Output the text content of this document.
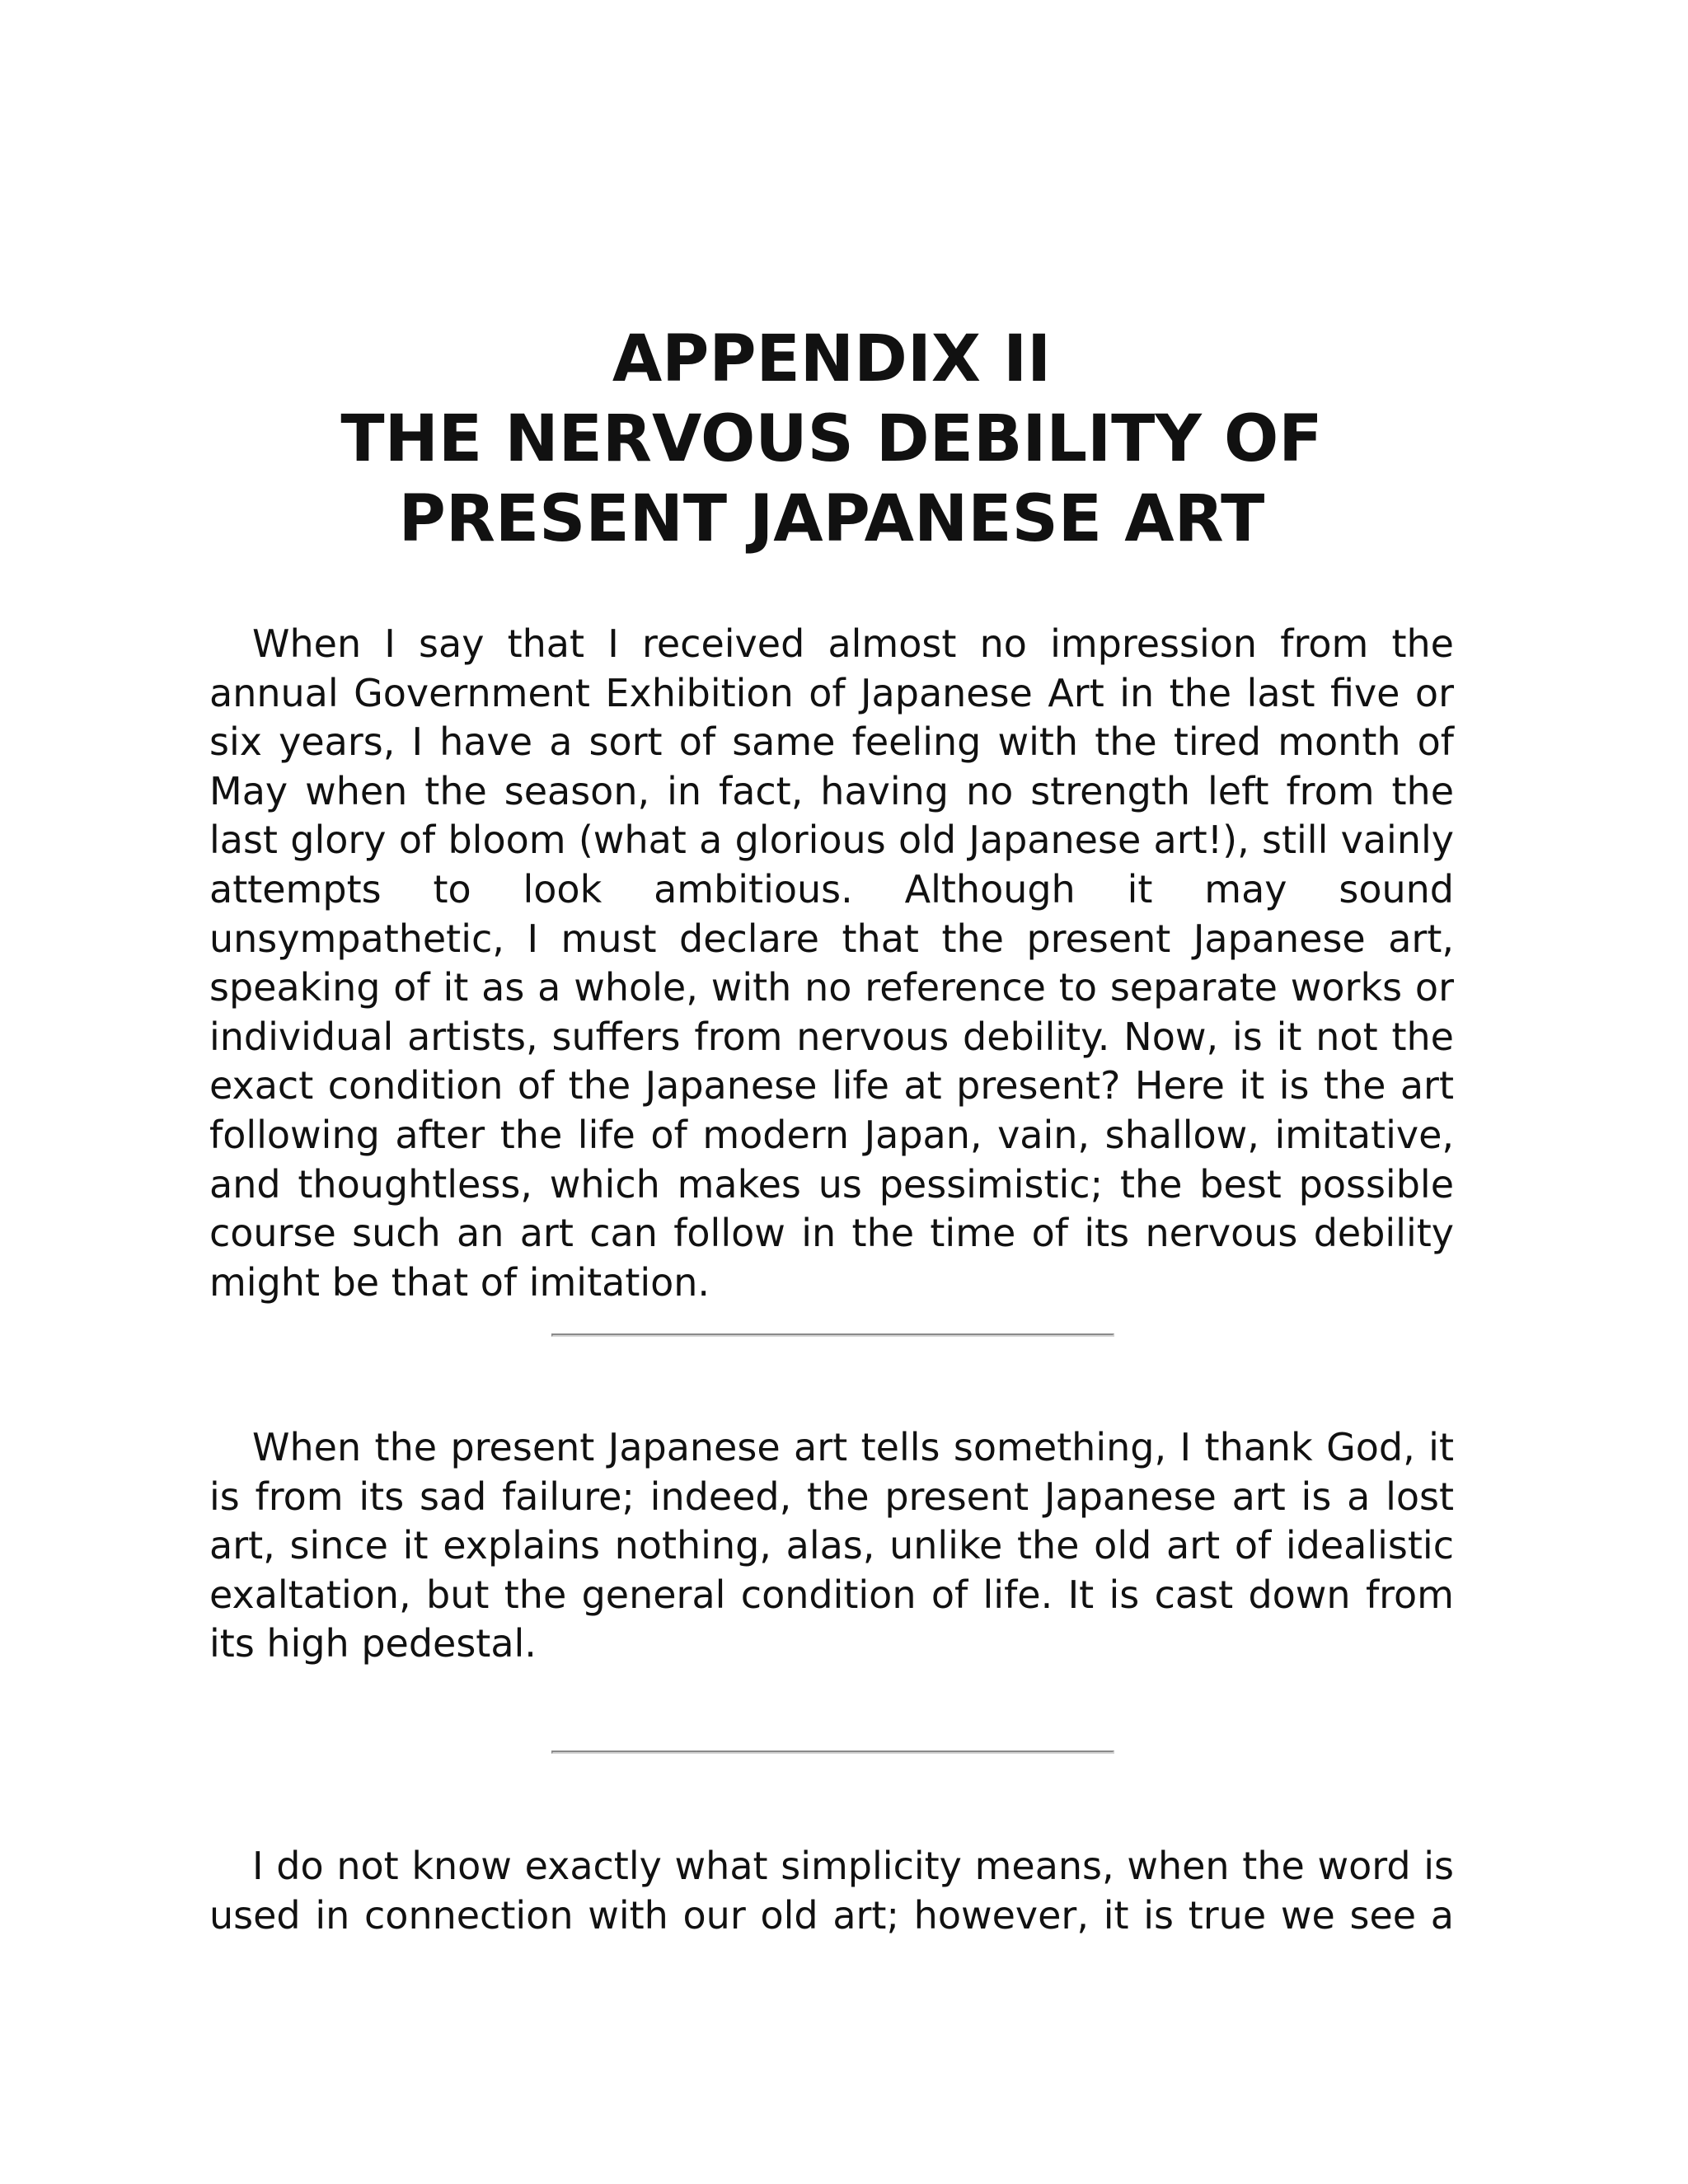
APPENDIX II
THE NERVOUS DEBILITY OF
PRESENT JAPANESE ART

When I say that I received almost no impression from the annual Government Exhibition of Japanese Art in the last five or six years, I have a sort of same feeling with the tired month of May when the season, in fact, having no strength left from the last glory of bloom (what a glorious old Japanese art!), still vainly attempts to look ambitious. Although it may sound unsympathetic, I must declare that the present Japanese art, speaking of it as a whole, with no reference to separate works or individual artists, suffers from nervous debility. Now, is it not the exact condition of the Japanese life at present? Here it is the art following after the life of modern Japan, vain, shallow, imitative, and thoughtless, which makes us pessimistic; the best possible course such an art can follow in the time of its nervous debility might be that of imitation.

When the present Japanese art tells something, I thank God, it is from its sad failure; indeed, the present Japanese art is a lost art, since it explains nothing, alas, unlike the old art of idealistic exaltation, but the general condition of life. It is cast down from its high pedestal.

I do not know exactly what simplicity means, when the word is used in connection with our old art; however, it is true we see a
